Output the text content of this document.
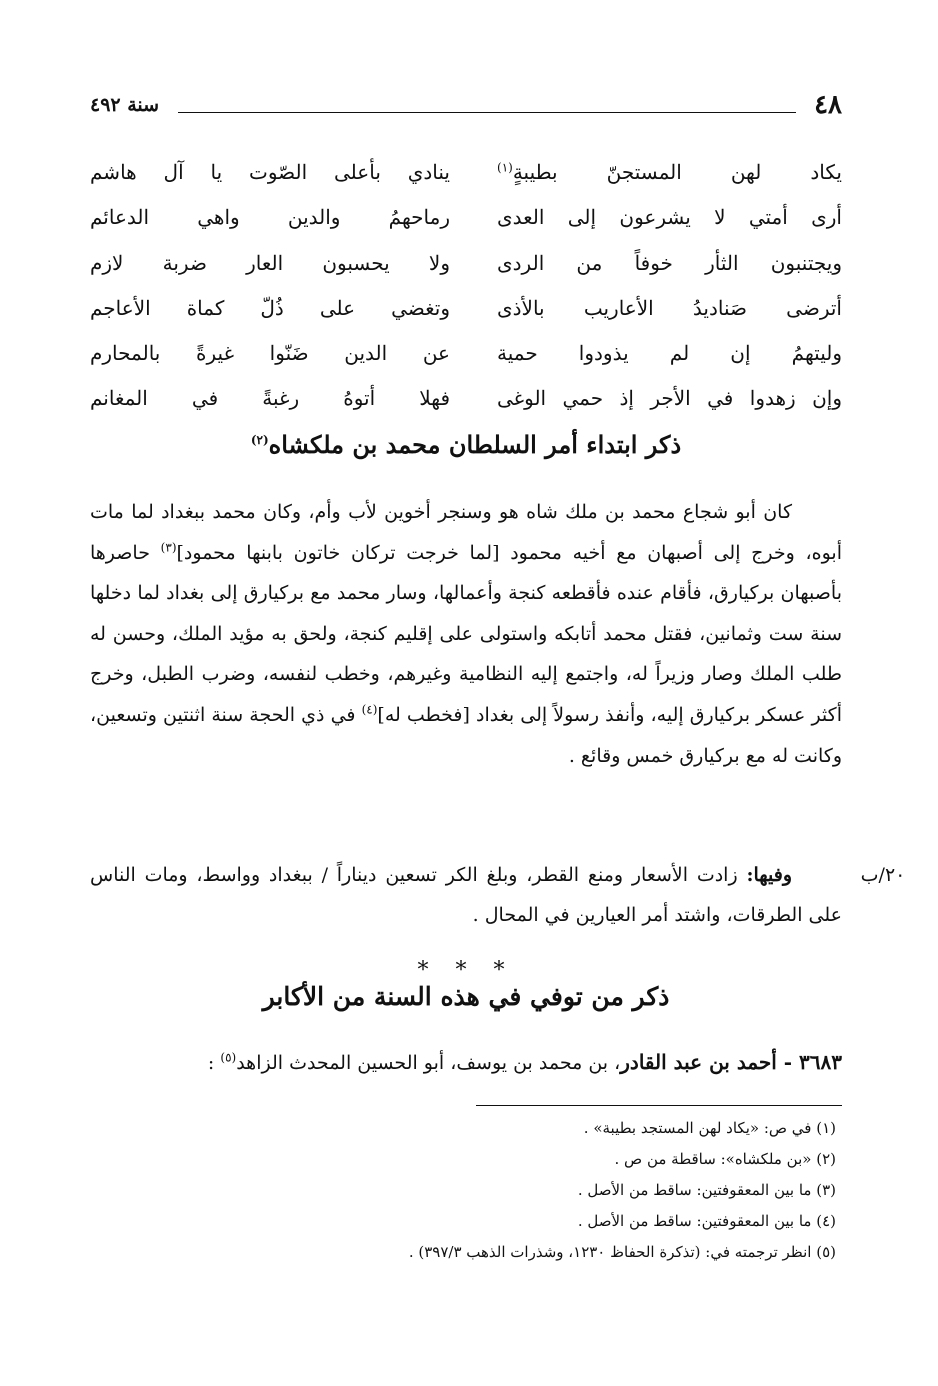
٤٨
سنة ٤٩٢
يكاد لهن المستجنّ بطيبةٍ$^{(١)}$
ينادي بأعلى الصّوت يا آل هاشم
أرى أمتي لا يشرعون إلى العدى
رماحهمُ والدين واهي الدعائم
ويجتنبون الثأر خوفاً من الردى
ولا يحسبون العار ضربة لازم
أترضى صَناديدُ الأعاريب بالأذى
وتغضي على ذُلّ كماة الأعاجم
وليتهمُ إن لم يذودوا حمية
عن الدين ضَنّوا غيرةً بالمحارم
وإن زهدوا في الأجر إذ حمي الوغى
فهلا أتوهُ رغبةً في المغانم
ذكر ابتداء أمر السلطان محمد بن ملكشاه$^{(٢)}$

كان أبو شجاع محمد بن ملك شاه هو وسنجر أخوين لأب وأم، وكان محمد ببغداد لما مات أبوه، وخرج إلى أصبهان مع أخيه محمود [لما خرجت تركان خاتون بابنها محمود]$^{(٣)}$ حاصرها بأصبهان بركيارق، فأقام عنده فأقطعه كنجة وأعمالها، وسار محمد مع بركيارق إلى بغداد لما دخلها سنة ست وثمانين، فقتل محمد أتابكه واستولى على إقليم كنجة، ولحق به مؤيد الملك، وحسن له طلب الملك وصار وزيراً له، واجتمع إليه النظامية وغيرهم، وخطب لنفسه، وضرب الطبل، وخرج أكثر عسكر بركيارق إليه، وأنفذ رسولاً إلى بغداد [فخطب له]$^{(٤)}$ في ذي الحجة سنة اثنتين وتسعين، وكانت له مع بركيارق خمس وقائع .

٢٠/ب

وفيها: زادت الأسعار ومنع القطر، وبلغ الكر تسعين ديناراً / ببغداد وواسط، ومات الناس على الطرقات، واشتد أمر العيارين في المحال .

* * *
ذكر من توفي في هذه السنة من الأكابر
٣٦٨٣ - أحمد بن عبد القادر، بن محمد بن يوسف، أبو الحسين المحدث الزاهد$^{(٥)}$ :
(١) في ص: «يكاد لهن المستجد بطيبة» .
(٢) «بن ملكشاه»: ساقطة من ص .
(٣) ما بين المعقوفتين: ساقط من الأصل .
(٤) ما بين المعقوفتين: ساقط من الأصل .
(٥) انظر ترجمته في: (تذكرة الحفاظ ١٢٣٠، وشذرات الذهب ٣٩٧/٣) .
